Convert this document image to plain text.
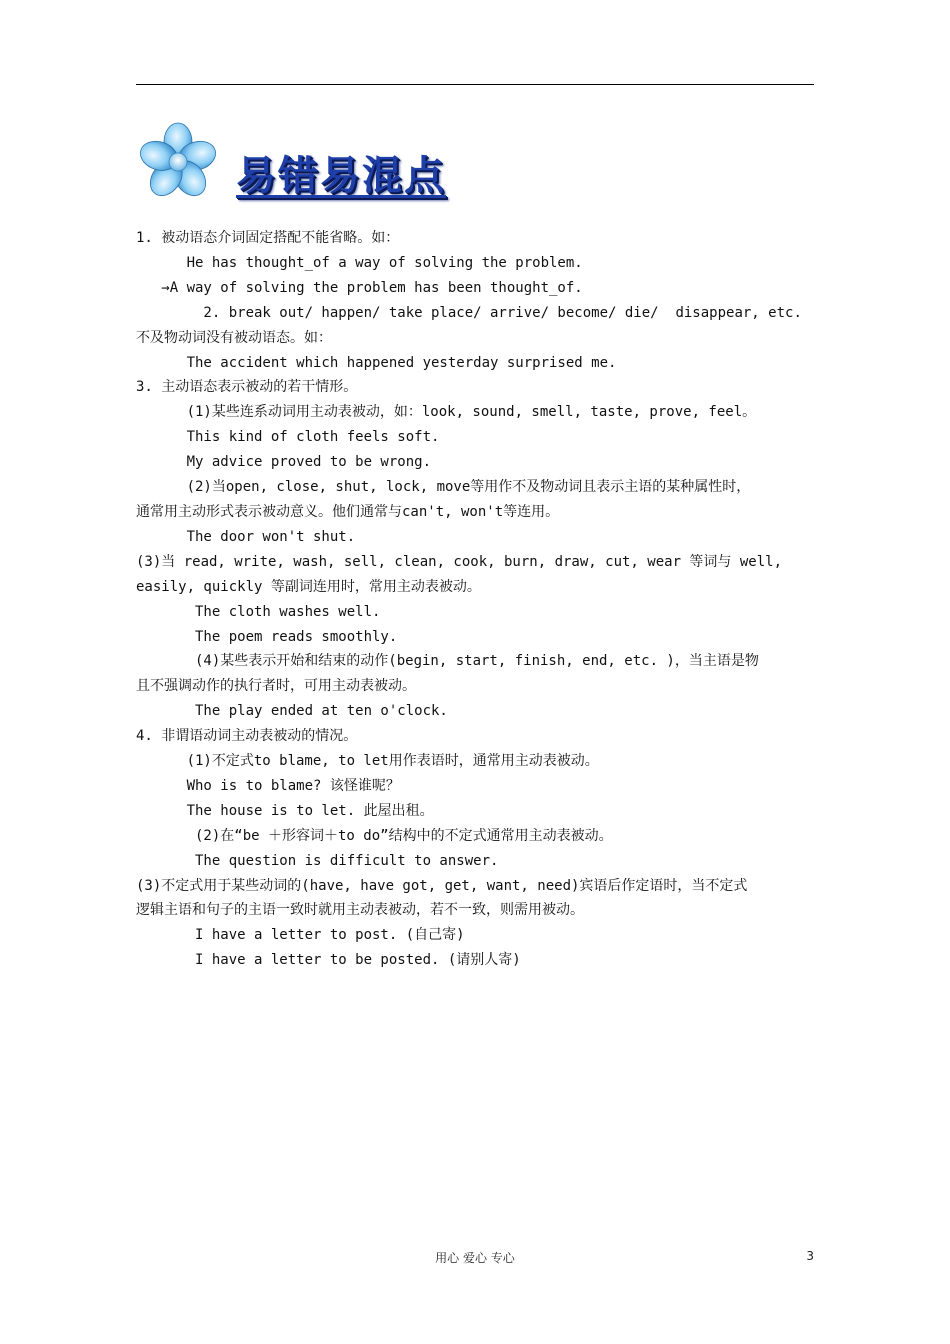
易错易混点
1. 被动语态介词固定搭配不能省略。如：
He has thought_of a way of solving the problem.
→A way of solving the problem has been thought_of.
2. break out/ happen/ take place/ arrive/ become/ die/  disappear, etc.
不及物动词没有被动语态。如：
The accident which happened yesterday surprised me.
3. 主动语态表示被动的若干情形。
(1)某些连系动词用主动表被动，如：look, sound, smell, taste, prove, feel。
This kind of cloth feels soft.
My advice proved to be wrong.
(2)当open, close, shut, lock, move等用作不及物动词且表示主语的某种属性时，
通常用主动形式表示被动意义。他们通常与can't, won't等连用。
The door won't shut.
(3)当 read, write, wash, sell, clean, cook, burn, draw, cut, wear 等词与 well,
easily, quickly 等副词连用时，常用主动表被动。
The cloth washes well.
The poem reads smoothly.
(4)某些表示开始和结束的动作(begin, start, finish, end, etc. )，当主语是物
且不强调动作的执行者时，可用主动表被动。
The play ended at ten o'clock.
4. 非谓语动词主动表被动的情况。
(1)不定式to blame, to let用作表语时，通常用主动表被动。
Who is to blame? 该怪谁呢？
The house is to let. 此屋出租。
(2)在“be ＋形容词＋to do”结构中的不定式通常用主动表被动。
The question is difficult to answer.
(3)不定式用于某些动词的(have, have got, get, want, need)宾语后作定语时，当不定式
逻辑主语和句子的主语一致时就用主动表被动，若不一致，则需用被动。
I have a letter to post. (自己寄)
I have a letter to be posted. (请别人寄)
用心 爱心 专心	3
